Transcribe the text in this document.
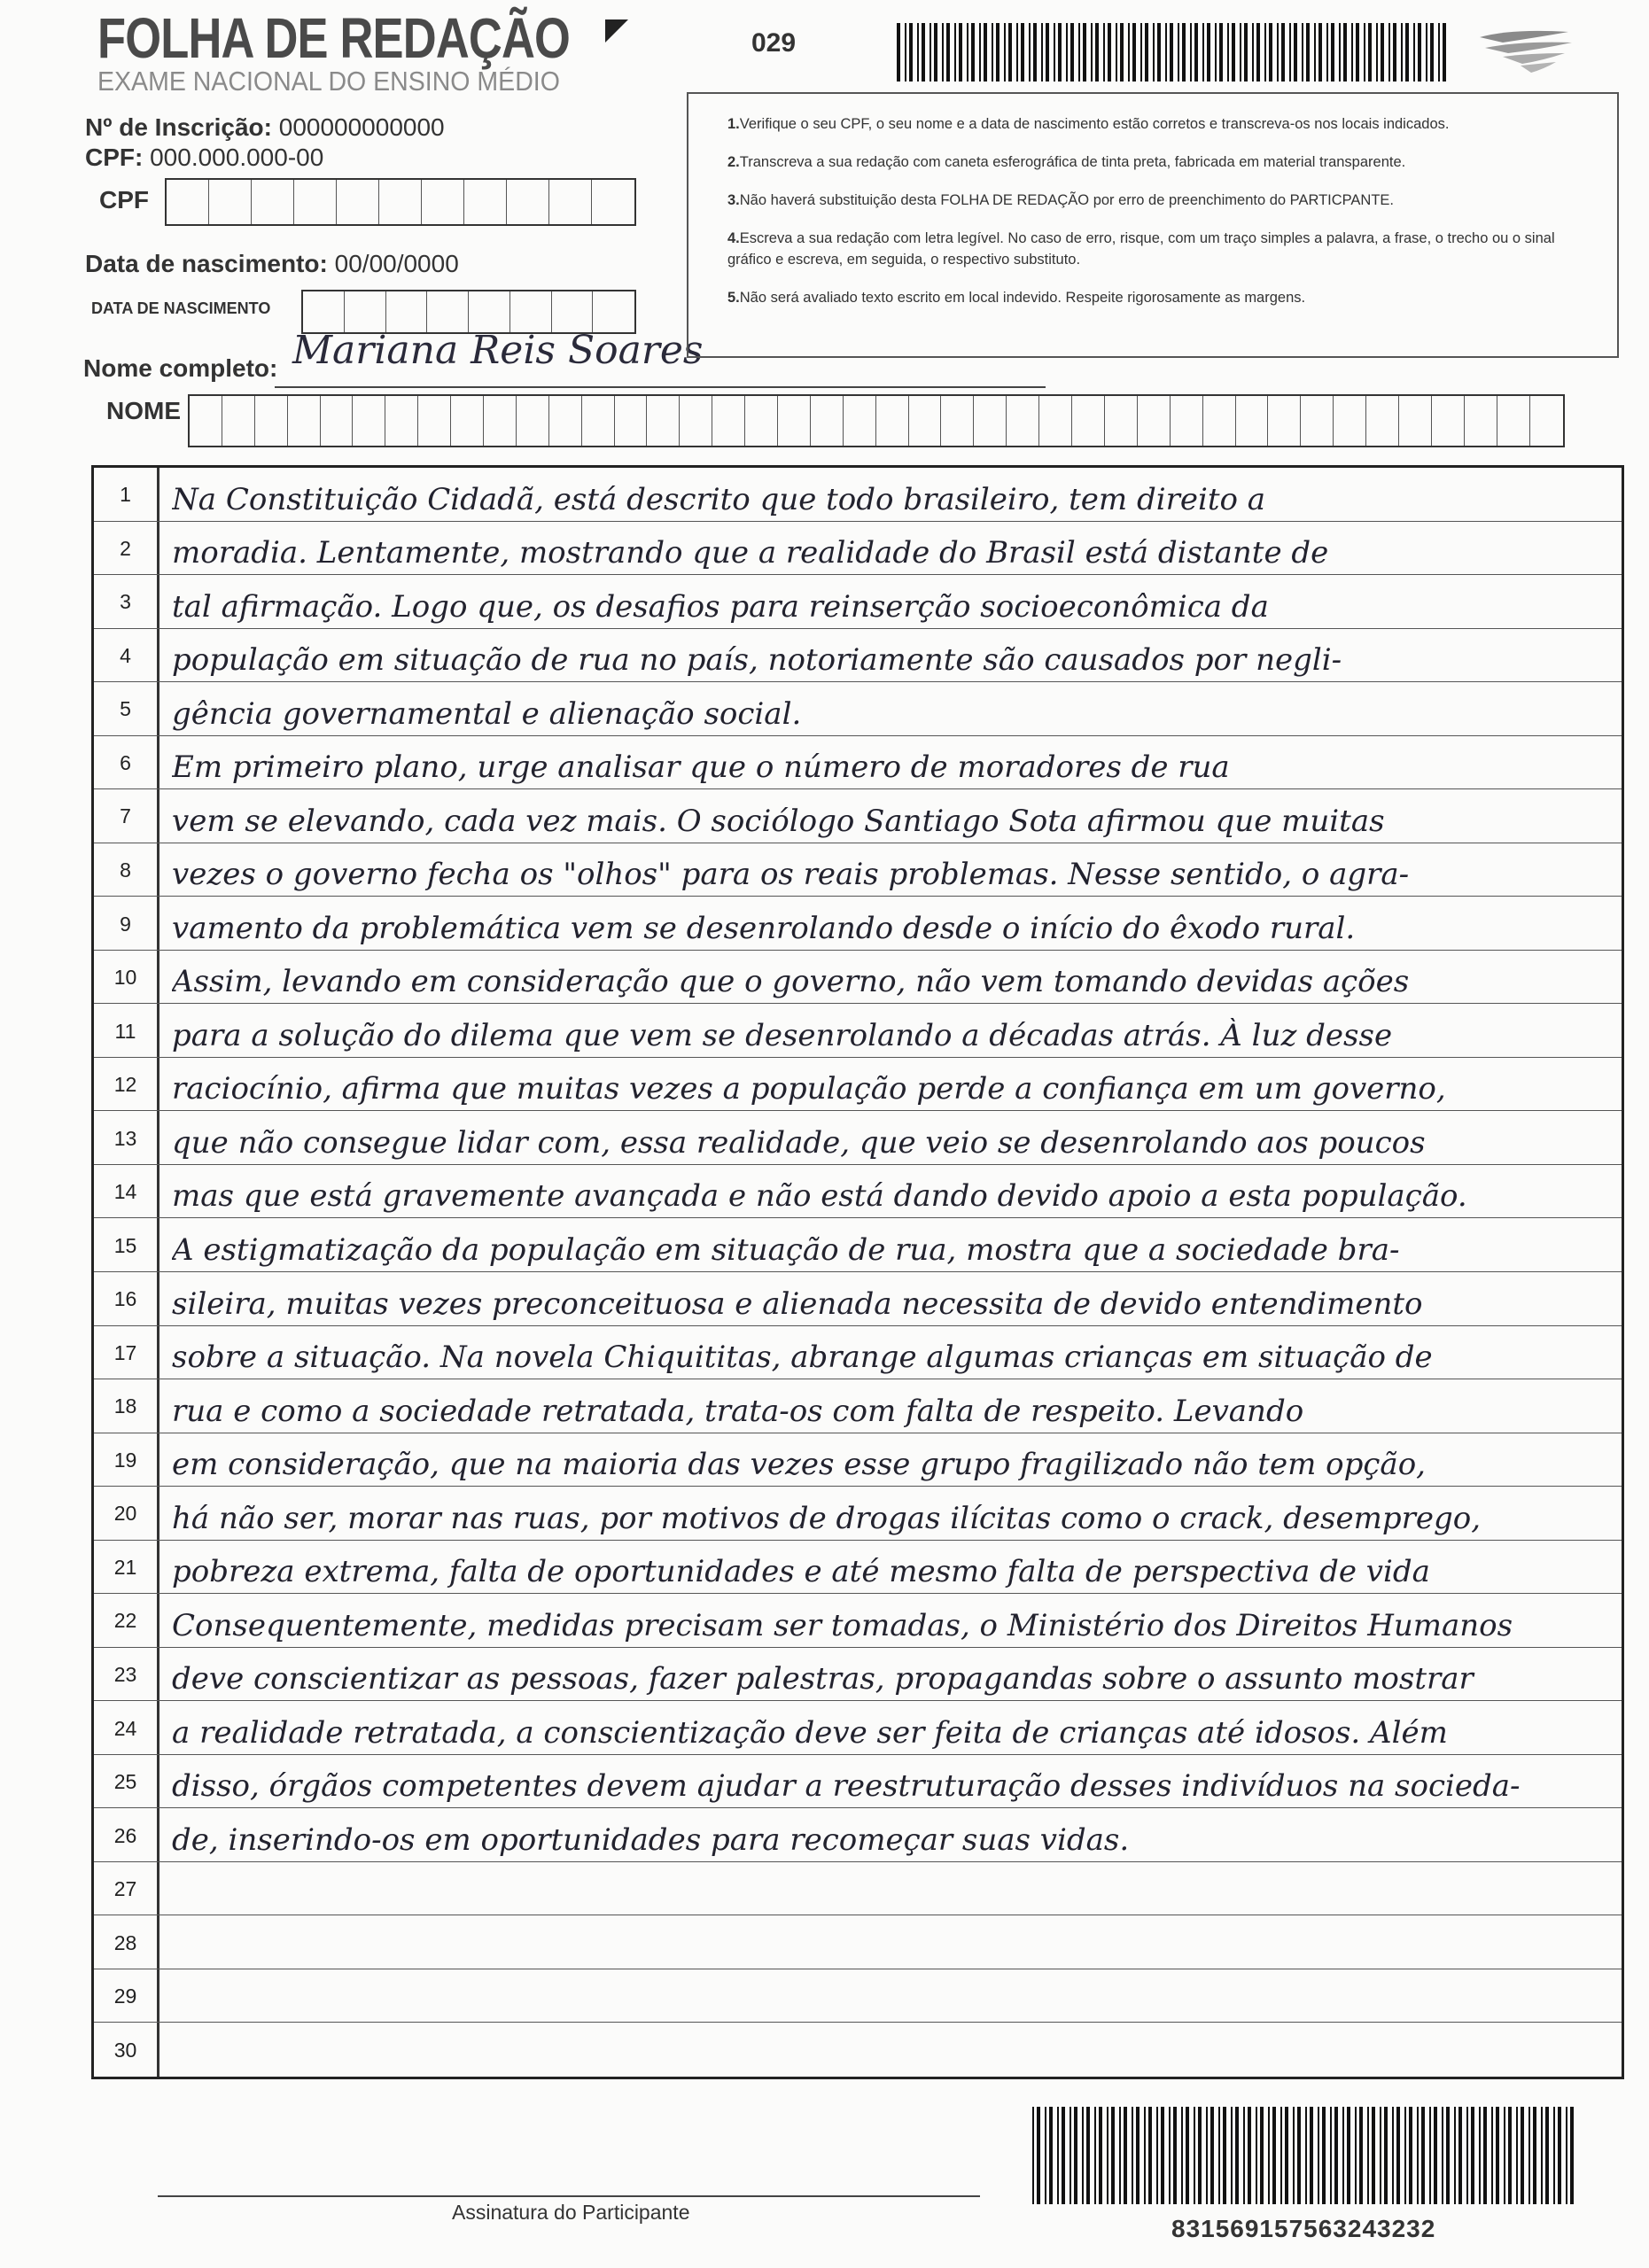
FOLHA DE REDAÇÃO
EXAME NACIONAL DO ENSINO MÉDIO
029
Nº de Inscrição: 000000000000
CPF: 000.000.000-00
CPF
Data de nascimento: 00/00/0000
DATA DE NASCIMENTO
Nome completo: Mariana Reis Soares
NOME

1.Verifique o seu CPF, o seu nome e a data de nascimento estão corretos e transcreva-os nos locais indicados.

2.Transcreva a sua redação com caneta esferográfica de tinta preta, fabricada em material transparente.

3.Não haverá substituição desta FOLHA DE REDAÇÃO por erro de preenchimento do PARTICPANTE.

4.Escreva a sua redação com letra legível. No caso de erro, risque, com um traço simples a palavra, a frase, o trecho ou o sinal gráfico e escreva, em seguida, o respectivo substituto.

5.Não será avaliado texto escrito em local indevido. Respeite rigorosamente as margens.

1	Na Constituição Cidadã, está descrito que todo brasileiro, tem direito a
2	moradia. Lentamente, mostrando que a realidade do Brasil está distante de
3	tal afirmação. Logo que, os desafios para reinserção socioeconômica da
4	população em situação de rua no país, notoriamente são causados por negli-
5	gência governamental e alienação social.
6	Em primeiro plano, urge analisar que o número de moradores de rua
7	vem se elevando, cada vez mais. O sociólogo Santiago Sota afirmou que muitas
8	vezes o governo fecha os "olhos" para os reais problemas. Nesse sentido, o agra-
9	vamento da problemática vem se desenrolando desde o início do êxodo rural.
10	Assim, levando em consideração que o governo, não vem tomando devidas ações
11	para a solução do dilema que vem se desenrolando a décadas atrás. À luz desse
12	raciocínio, afirma que muitas vezes a população perde a confiança em um governo,
13	que não consegue lidar com, essa realidade, que veio se desenrolando aos poucos
14	mas que está gravemente avançada e não está dando devido apoio a esta população.
15	A estigmatização da população em situação de rua, mostra que a sociedade bra-
16	sileira, muitas vezes preconceituosa e alienada necessita de devido entendimento
17	sobre a situação. Na novela Chiquititas, abrange algumas crianças em situação de
18	rua e como a sociedade retratada, trata-os com falta de respeito. Levando
19	em consideração, que na maioria das vezes esse grupo fragilizado não tem opção,
20	há não ser, morar nas ruas, por motivos de drogas ilícitas como o crack, desemprego,
21	pobreza extrema, falta de oportunidades e até mesmo falta de perspectiva de vida
22	Consequentemente, medidas precisam ser tomadas, o Ministério dos Direitos Humanos
23	deve conscientizar as pessoas, fazer palestras, propagandas sobre o assunto mostrar
24	a realidade retratada, a conscientização deve ser feita de crianças até idosos. Além
25	disso, órgãos competentes devem ajudar a reestruturação desses indivíduos na socieda-
26	de, inserindo-os em oportunidades para recomeçar suas vidas.
27
28
29
30
Assinatura do Participante
83156915756324323​2
